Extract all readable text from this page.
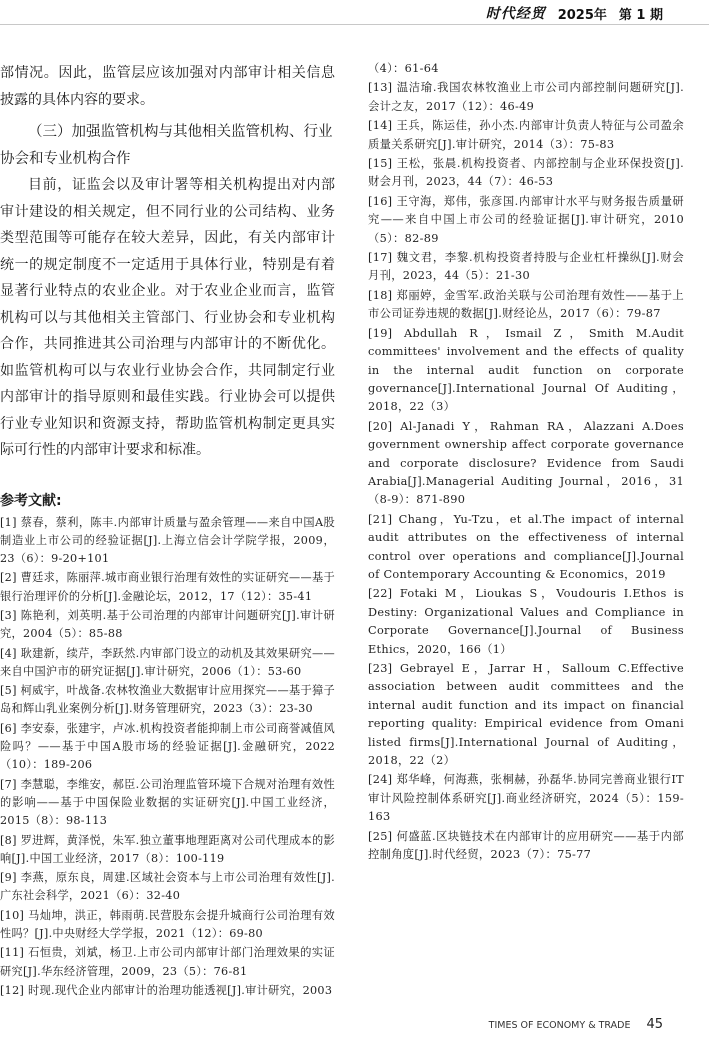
时代经贸 2025年 第 1 期

部情况。因此，监管层应该加强对内部审计相关信息披露的具体内容的要求。

（三）加强监管机构与其他相关监管机构、行业协会和专业机构合作

目前，证监会以及审计署等相关机构提出对内部审计建设的相关规定，但不同行业的公司结构、业务类型范围等可能存在较大差异，因此，有关内部审计统一的规定制度不一定适用于具体行业，特别是有着显著行业特点的农业企业。对于农业企业而言，监管机构可以与其他相关主管部门、行业协会和专业机构合作，共同推进其公司治理与内部审计的不断优化。如监管机构可以与农业行业协会合作，共同制定行业内部审计的指导原则和最佳实践。行业协会可以提供行业专业知识和资源支持，帮助监管机构制定更具实际可行性的内部审计要求和标准。

参考文献:

[1] 蔡春，蔡利，陈丰.内部审计质量与盈余管理——来自中国A股制造业上市公司的经验证据[J].上海立信会计学院学报，2009，23（6）：9-20+101

[2] 曹廷求，陈丽萍.城市商业银行治理有效性的实证研究——基于银行治理评价的分析[J].金融论坛，2012，17（12）：35-41

[3] 陈艳利，刘英明.基于公司治理的内部审计问题研究[J].审计研究，2004（5）：85-88

[4] 耿建新，续芹，李跃然.内审部门设立的动机及其效果研究——来自中国沪市的研究证据[J].审计研究，2006（1）：53-60

[5] 柯威宇，叶战备.农林牧渔业大数据审计应用探究——基于獐子岛和辉山乳业案例分析[J].财务管理研究，2023（3）：23-30

[6] 李安泰，张建宇，卢冰.机构投资者能抑制上市公司商誉减值风险吗？——基于中国A股市场的经验证据[J].金融研究，2022（10）：189-206

[7] 李慧聪，李维安，郝臣.公司治理监管环境下合规对治理有效性的影响——基于中国保险业数据的实证研究[J].中国工业经济，2015（8）：98-113

[8] 罗进辉，黄泽悦，朱军.独立董事地理距离对公司代理成本的影响[J].中国工业经济，2017（8）：100-119

[9] 李燕，原东良，周建.区域社会资本与上市公司治理有效性[J].广东社会科学，2021（6）：32-40

[10] 马灿坤，洪正，韩雨萌.民营股东会提升城商行公司治理有效性吗？[J].中央财经大学学报，2021（12）：69-80

[11] 石恒贵，刘斌，杨卫.上市公司内部审计部门治理效果的实证研究[J].华东经济管理，2009，23（5）：76-81

[12] 时现.现代企业内部审计的治理功能透视[J].审计研究，2003

（4）：61-64

[13] 温洁瑜.我国农林牧渔业上市公司内部控制问题研究[J].会计之友，2017（12）：46-49

[14] 王兵，陈运佳，孙小杰.内部审计负责人特征与公司盈余质量关系研究[J].审计研究，2014（3）：75-83

[15] 王松，张晨.机构投资者、内部控制与企业环保投资[J].财会月刊，2023，44（7）：46-53

[16] 王守海，郑伟，张彦国.内部审计水平与财务报告质量研究——来自中国上市公司的经验证据[J].审计研究，2010（5）：82-89

[17] 魏文君，李黎.机构投资者持股与企业杠杆操纵[J].财会月刊，2023，44（5）：21-30

[18] 郑丽婷，金雪军.政治关联与公司治理有效性——基于上市公司证券违规的数据[J].财经论丛，2017（6）：79-87

[19] Abdullah R，Ismail Z，Smith M.Audit committees' involvement and the effects of quality in the internal audit function on corporate governance[J].International Journal Of Auditing，2018，22（3）

[20] Al-Janadi Y，Rahman RA，Alazzani A.Does government ownership affect corporate governance and corporate disclosure? Evidence from Saudi Arabia[J].Managerial Auditing Journal，2016，31（8-9）：871-890

[21] Chang，Yu-Tzu，et al.The impact of internal audit attributes on the effectiveness of internal control over operations and compliance[J].Journal of Contemporary Accounting & Economics，2019

[22] Fotaki M，Lioukas S，Voudouris I.Ethos is Destiny: Organizational Values and Compliance in Corporate Governance[J].Journal of Business Ethics，2020，166（1）

[23] Gebrayel E，Jarrar H，Salloum C.Effective association between audit committees and the internal audit function and its impact on financial reporting quality: Empirical evidence from Omani listed firms[J].International Journal of Auditing，2018，22（2）

[24] 郑华峰，何海燕，张桐赫，孙磊华.协同完善商业银行IT审计风险控制体系研究[J].商业经济研究，2024（5）：159-163

[25] 何盛蓝.区块链技术在内部审计的应用研究——基于内部控制角度[J].时代经贸，2023（7）：75-77

TIMES OF ECONOMY & TRADE 45
